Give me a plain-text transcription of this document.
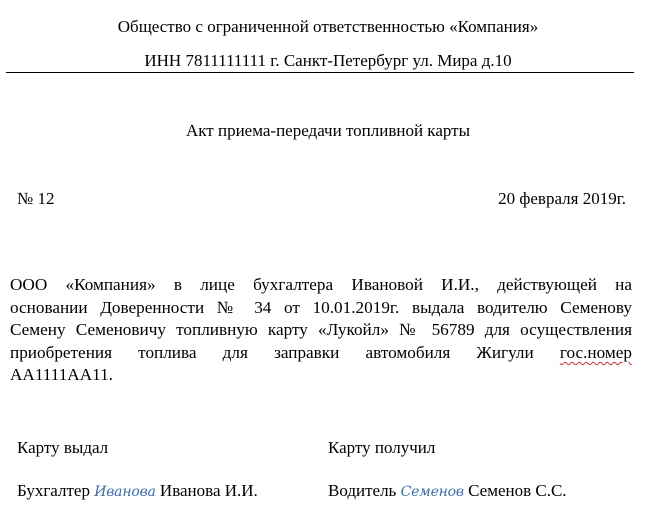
Общество с ограниченной ответственностью «Компания»
ИНН 7811111111 г. Санкт-Петербург ул. Мира д.10
Акт приема-передачи топливной карты
№ 12	20 февраля 2019г.
ООО «Компания» в лице бухгалтера Ивановой И.И., действующей на
основании Доверенности № 34 от 10.01.2019г. выдала водителю Семенову
Семену Семеновичу топливную карту «Лукойл» № 56789 для осуществления
приобретения топлива для заправки автомобиля Жигули гос.номер
АА1111АА11.
Карту выдал	Карту получил
Бухгалтер Иванова Иванова И.И.	Водитель Семенов Семенов С.С.
